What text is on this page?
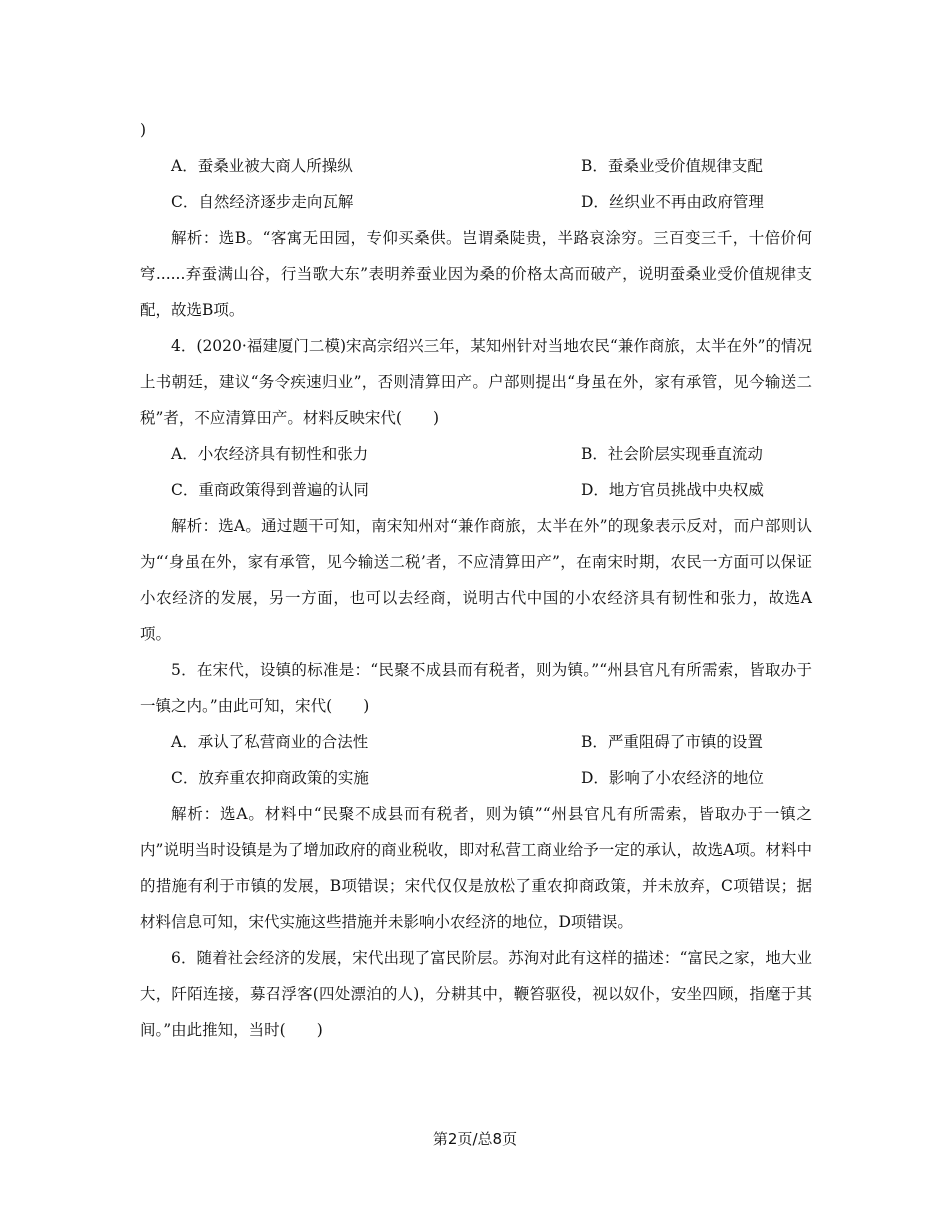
)
A．蚕桑业被大商人所操纵	B．蚕桑业受价值规律支配
C．自然经济逐步走向瓦解	D．丝织业不再由政府管理

解析：选B。“客寓无田园，专仰买桑供。岂谓桑陡贵，半路哀涂穷。三百变三千，十倍价何穹......弃蚕满山谷，行当歌大东”表明养蚕业因为桑的价格太高而破产，说明蚕桑业受价值规律支配，故选B项。

4．(2020·福建厦门二模)宋高宗绍兴三年，某知州针对当地农民“兼作商旅，太半在外”的情况上书朝廷，建议“务令疾速归业”，否则清算田产。户部则提出“身虽在外，家有承管，见今输送二税”者，不应清算田产。材料反映宋代(　　)

A．小农经济具有韧性和张力	B．社会阶层实现垂直流动
C．重商政策得到普遍的认同	D．地方官员挑战中央权威

解析：选A。通过题干可知，南宋知州对“兼作商旅，太半在外”的现象表示反对，而户部则认为“‘身虽在外，家有承管，见今输送二税’者，不应清算田产”，在南宋时期，农民一方面可以保证小农经济的发展，另一方面，也可以去经商，说明古代中国的小农经济具有韧性和张力，故选A项。

5．在宋代，设镇的标准是：“民聚不成县而有税者，则为镇。”“州县官凡有所需索，皆取办于一镇之内。”由此可知，宋代(　　)

A．承认了私营商业的合法性	B．严重阻碍了市镇的设置
C．放弃重农抑商政策的实施	D．影响了小农经济的地位

解析：选A。材料中“民聚不成县而有税者，则为镇”“州县官凡有所需索，皆取办于一镇之内”说明当时设镇是为了增加政府的商业税收，即对私营工商业给予一定的承认，故选A项。材料中的措施有利于市镇的发展，B项错误；宋代仅仅是放松了重农抑商政策，并未放弃，C项错误；据材料信息可知，宋代实施这些措施并未影响小农经济的地位，D项错误。

6．随着社会经济的发展，宋代出现了富民阶层。苏洵对此有这样的描述：“富民之家，地大业大，阡陌连接，募召浮客(四处漂泊的人)，分耕其中，鞭笞驱役，视以奴仆，安坐四顾，指麾于其间。”由此推知，当时(　　)

第2页/总8页
